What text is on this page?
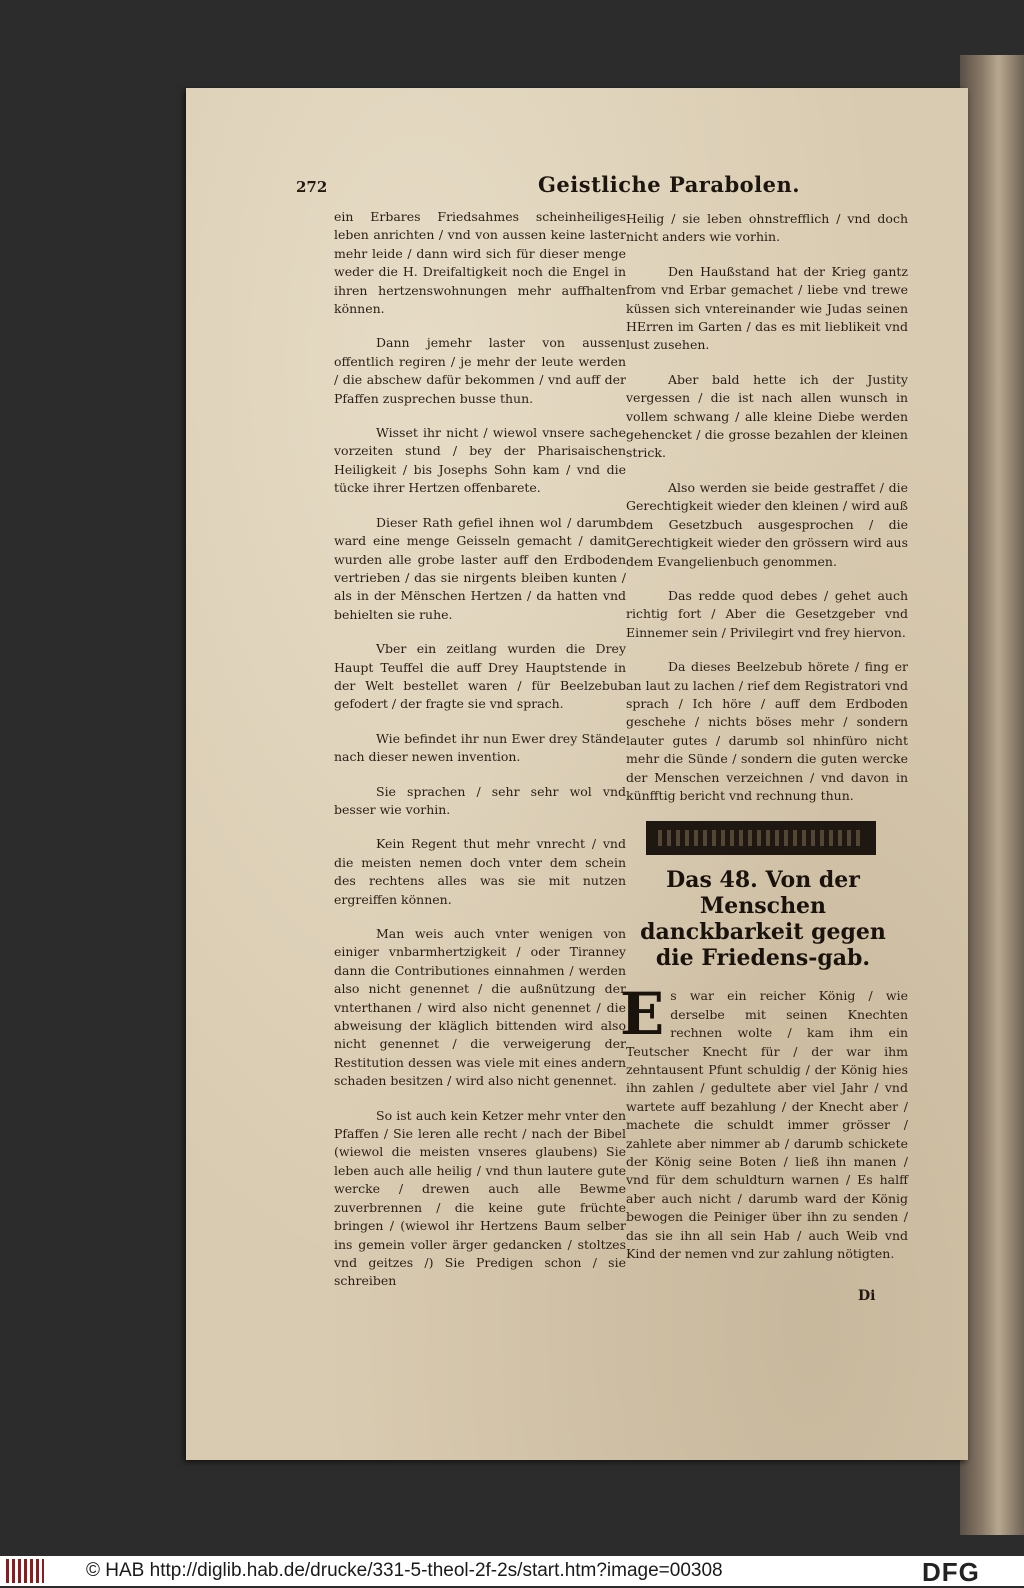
272	Geistliche Parabolen.

ein Erbares Friedsahmes scheinheiliges leben anrichten / vnd von aussen keine laster mehr leide / dann wird sich für dieser menge weder die H. Dreifaltigkeit noch die Engel in ihren hertzenswohnungen mehr auffhalten können.

Dann jemehr laster von aussen offentlich regiren / je mehr der leute werden / die abschew dafür bekommen / vnd auff der Pfaffen zusprechen busse thun.

Wisset ihr nicht / wiewol vnsere sache vorzeiten stund / bey der Pharisaischen Heiligkeit / bis Josephs Sohn kam / vnd die tücke ihrer Hertzen offenbarete.

Dieser Rath gefiel ihnen wol / darumb ward eine menge Geisseln gemacht / damit wurden alle grobe laster auff den Erdboden vertrieben / das sie nirgents bleiben kunten / als in der Mënschen Hertzen / da hatten vnd behielten sie ruhe.

Vber ein zeitlang wurden die Drey Haupt Teuffel die auff Drey Hauptstende in der Welt bestellet waren / für Beelzebub gefodert / der fragte sie vnd sprach.

Wie befindet ihr nun Ewer drey Stände nach dieser newen invention.

Sie sprachen / sehr sehr wol vnd besser wie vorhin.

Kein Regent thut mehr vnrecht / vnd die meisten nemen doch vnter dem schein des rechtens alles was sie mit nutzen ergreiffen können.

Man weis auch vnter wenigen von einiger vnbarmhertzigkeit / oder Tiranney dann die Contributiones einnahmen / werden also nicht genennet / die außnützung der vnterthanen / wird also nicht genennet / die abweisung der kläglich bittenden wird also nicht genennet / die verweigerung der Restitution dessen was viele mit eines andern schaden besitzen / wird also nicht genennet.

So ist auch kein Ketzer mehr vnter den Pfaffen / Sie leren alle recht / nach der Bibel (wiewol die meisten vnseres glaubens) Sie leben auch alle heilig / vnd thun lautere gute wercke / drewen auch alle Bewme zuverbrennen / die keine gute früchte bringen / (wiewol ihr Hertzens Baum selber ins gemein voller ärger gedancken / stoltzes vnd geitzes /) Sie Predigen schon / sie schreiben

Heilig / sie leben ohnstrefflich / vnd doch nicht anders wie vorhin.

Den Haußstand hat der Krieg gantz from vnd Erbar gemachet / liebe vnd trewe küssen sich vntereinander wie Judas seinen HErren im Garten / das es mit lieblikeit vnd lust zusehen.

Aber bald hette ich der Justity vergessen / die ist nach allen wunsch in vollem schwang / alle kleine Diebe werden gehencket / die grosse bezahlen der kleinen strick.

Also werden sie beide gestraffet / die Gerechtigkeit wieder den kleinen / wird auß dem Gesetzbuch ausgesprochen / die Gerechtigkeit wieder den grössern wird aus dem Evangelienbuch genommen.

Das redde quod debes / gehet auch richtig fort / Aber die Gesetzgeber vnd Einnemer sein / Privilegirt vnd frey hiervon.

Da dieses Beelzebub hörete / fing er an laut zu lachen / rief dem Registratori vnd sprach / Ich höre / auff dem Erdboden geschehe / nichts böses mehr / sondern lauter gutes / darumb sol nhinfüro nicht mehr die Sünde / sondern die guten wercke der Menschen verzeichnen / vnd davon in künfftig bericht vnd rechnung thun.

Das 48. Von der Menschen danckbarkeit gegen die Friedens-gab.

Es war ein reicher König / wie derselbe mit seinen Knechten rechnen wolte / kam ihm ein Teutscher Knecht für / der war ihm zehntausent Pfunt schuldig / der König hies ihn zahlen / gedultete aber viel Jahr / vnd wartete auff bezahlung / der Knecht aber / machete die schuldt immer grösser / zahlete aber nimmer ab / darumb schickete der König seine Boten / ließ ihn manen / vnd für dem schuldturn warnen / Es halff aber auch nicht / darumb ward der König bewogen die Peiniger über ihn zu senden / das sie ihn all sein Hab / auch Weib vnd Kind der nemen vnd zur zahlung nötigten.

Di
© HAB http://diglib.hab.de/drucke/331-5-theol-2f-2s/start.htm?image=00308	DFG
